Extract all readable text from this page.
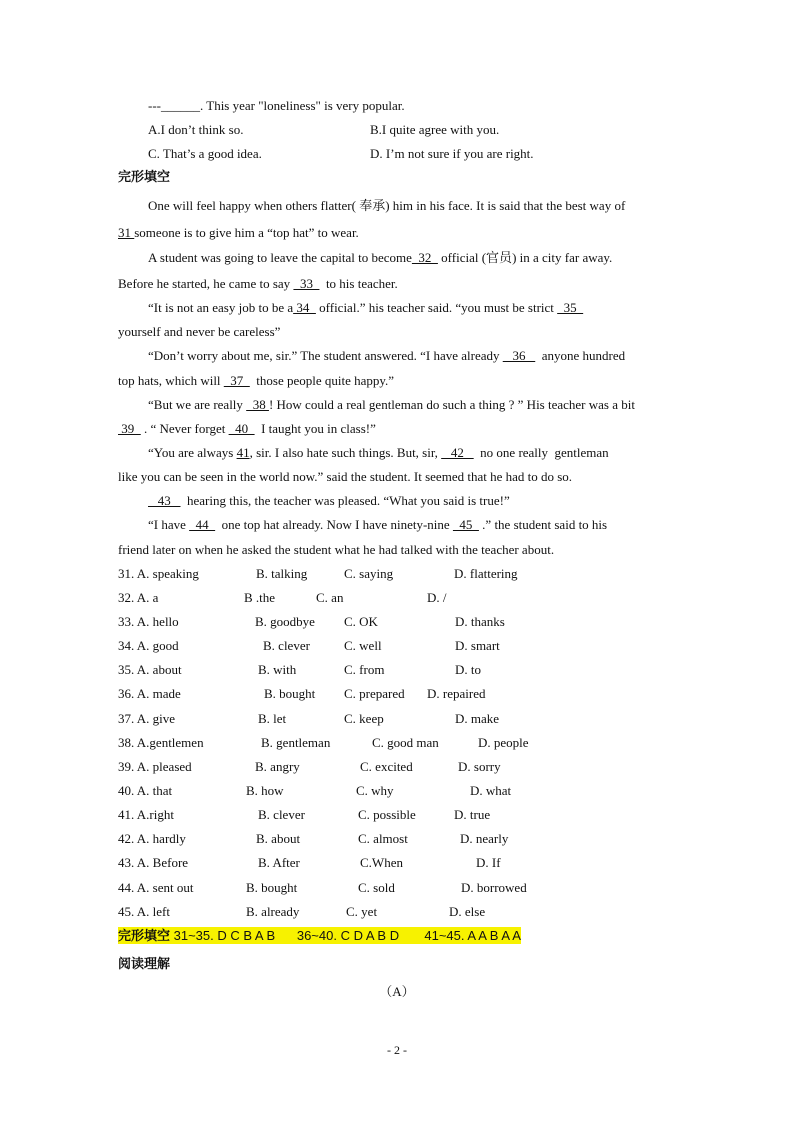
---______. This year "loneliness" is very popular.
A.I don’t think so.	B.I quite agree with you.
C. That’s a good idea.	D. I’m not sure if you are right.
完形填空
One will feel happy when others flatter( 奉承) him in his face. It is said that the best way of
31 someone is to give him a “top hat” to wear.
A student was going to leave the capital to become  32   official (官员) in a city far away.
Before he started, he came to say   33    to his teacher.
“It is not an easy job to be a 34   official.” his teacher said. “you must be strict   35
yourself and never be careless”
“Don’t worry about me, sir.” The student answered. “I have already    36     anyone hundred
top hats, which will   37    those people quite happy.”
“But we are really   38 ! How could a real gentleman do such a thing ? ” His teacher was a bit
39   . “ Never forget   40    I taught you in class!”
“You are always 41, sir. I also hate such things. But, sir,    42     no one really  gentleman
like you can be seen in the world now.” said the student. It seemed that he had to do so.
43     hearing this, the teacher was pleased. “What you said is true!”
“I have   44    one top hat already. Now I have ninety-nine   45   .” the student said to his
friend later on when he asked the student what he had talked with the teacher about.
31. A. speaking	B. talking	C. saying	D. flattering
32. A. a	B .the	C. an	D. /
33. A. hello	B. goodbye C. OK	D. thanks
34. A. good	B. clever	C. well	D. smart
35. A. about	B. with	C. from	D. to
36. A. made	B. bought C. prepared D. repaired
37. A. give	B. let	C. keep	D. make
38. A.gentlemen	B. gentleman	C. good man	D. people
39. A. pleased	B. angry	C. excited	D. sorry
40. A. that	B. how	C. why	D. what
41. A.right	B. clever	C. possible	D. true
42. A. hardly	B. about	C. almost	D. nearly
43. A. Before	B. After	C.When	D. If
44. A. sent out	B. bought	C. sold	D. borrowed
45. A. left	B. already	C. yet	D. else
完形填空 31~35. D C B A B      36~40. C D A B D       41~45. A A B A A
阅读理解
（A）
- 2 -
